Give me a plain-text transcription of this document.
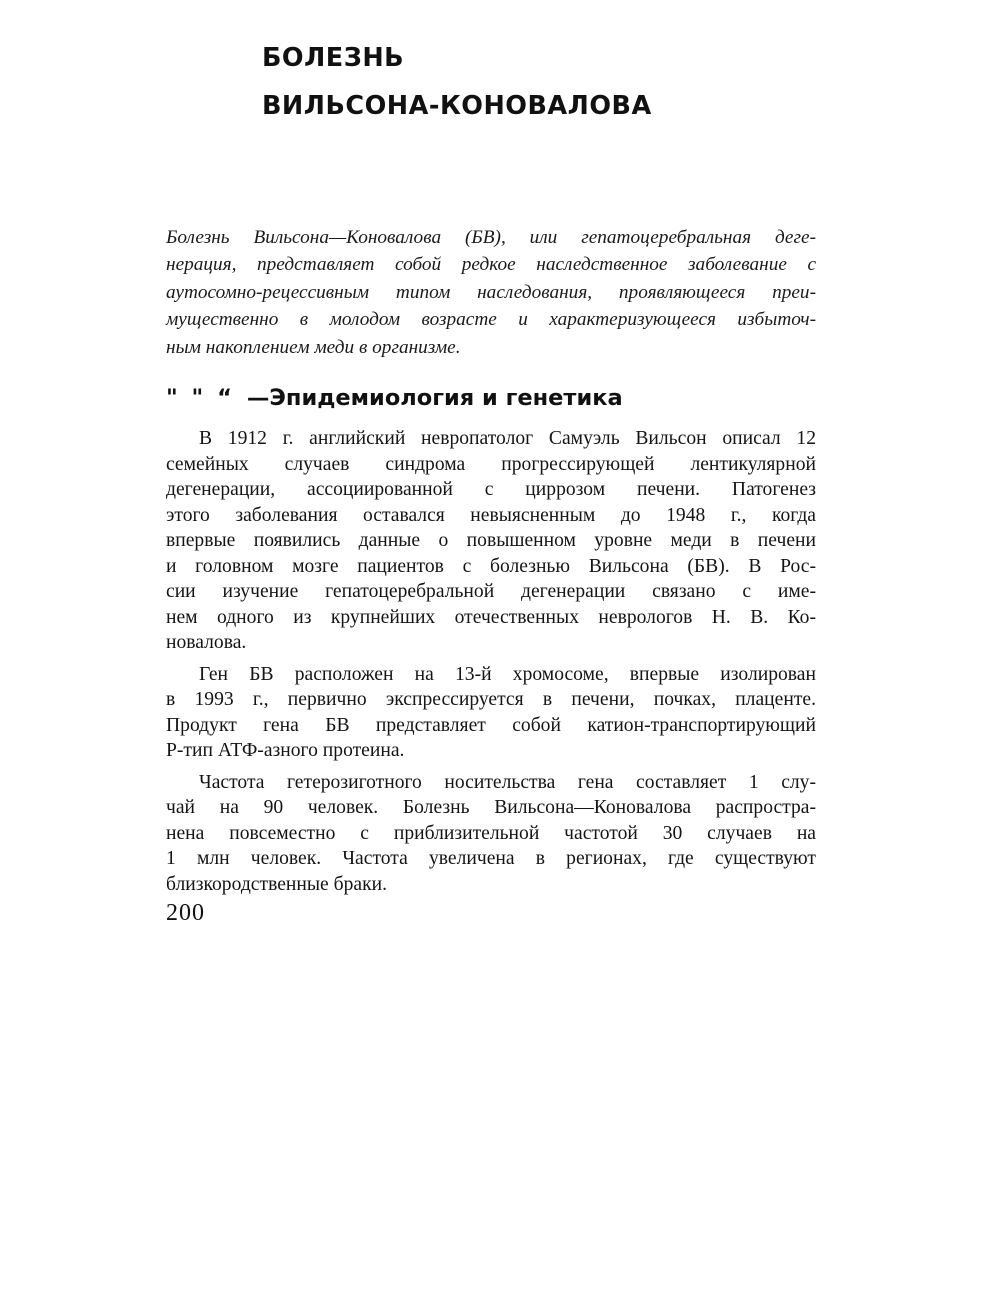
БОЛЕЗНЬ
ВИЛЬСОНА-КОНОВАЛОВА
Болезнь Вильсона—Коновалова (БВ), или гепатоцеребральная деге-
нерация, представляет собой редкое наследственное заболевание с
аутосомно-рецессивным типом наследования, проявляющееся преи-
мущественно в молодом возрасте и характеризующееся избыточ-
ным накоплением меди в организме.
" " “ —Эпидемиология и генетика
В 1912 г. английский невропатолог Самуэль Вильсон описал 12
семейных случаев синдрома прогрессирующей лентикулярной
дегенерации, ассоциированной с циррозом печени. Патогенез
этого заболевания оставался невыясненным до 1948 г., когда
впервые появились данные о повышенном уровне меди в печени
и головном мозге пациентов с болезнью Вильсона (БВ). В Рос-
сии изучение гепатоцеребральной дегенерации связано с име-
нем одного из крупнейших отечественных неврологов Н. В. Ко-
новалова.
Ген БВ расположен на 13-й хромосоме, впервые изолирован
в 1993 г., первично экспрессируется в печени, почках, плаценте.
Продукт гена БВ представляет собой катион-транспортирующий
Р-тип АТФ-азного протеина.
Частота гетерозиготного носительства гена составляет 1 слу-
чай на 90 человек. Болезнь Вильсона—Коновалова распростра-
нена повсеместно с приблизительной частотой 30 случаев на
1 млн человек. Частота увеличена в регионах, где существуют
близкородственные браки.
200
